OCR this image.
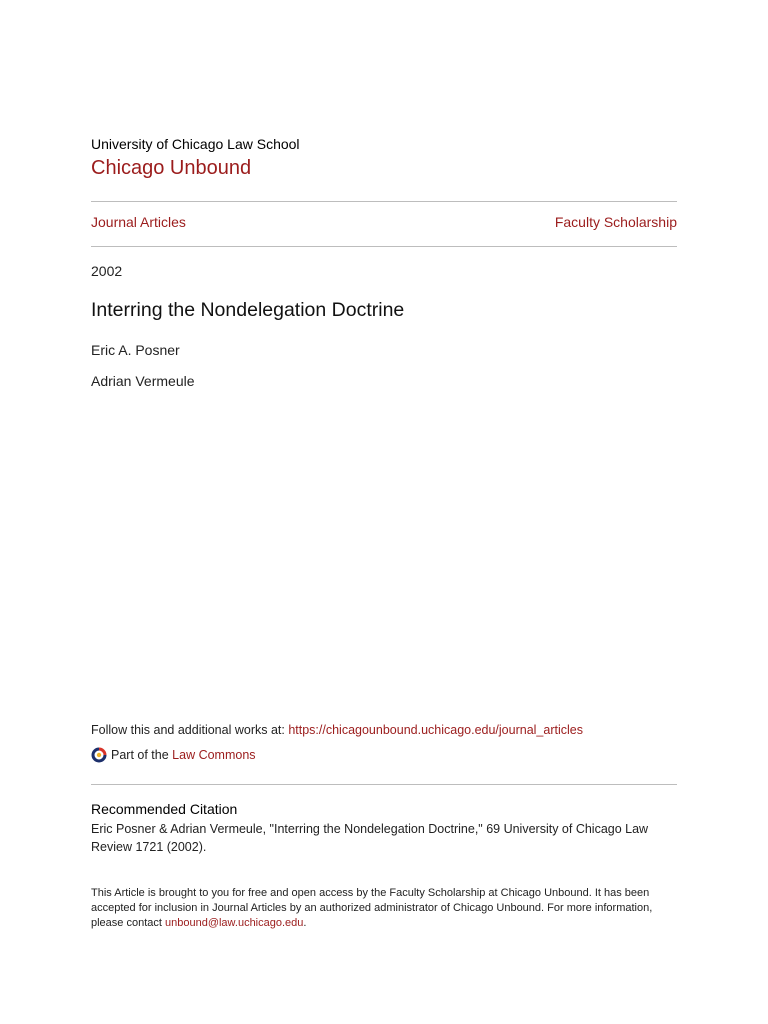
University of Chicago Law School
Chicago Unbound
Journal Articles	Faculty Scholarship
2002
Interring the Nondelegation Doctrine
Eric A. Posner
Adrian Vermeule
Follow this and additional works at: https://chicagounbound.uchicago.edu/journal_articles
Part of the
Law Commons
Recommended Citation
Eric Posner & Adrian Vermeule, "Interring the Nondelegation Doctrine," 69 University of Chicago Law Review 1721 (2002).
This Article is brought to you for free and open access by the Faculty Scholarship at Chicago Unbound. It has been accepted for inclusion in Journal Articles by an authorized administrator of Chicago Unbound. For more information, please contact unbound@law.uchicago.edu.
